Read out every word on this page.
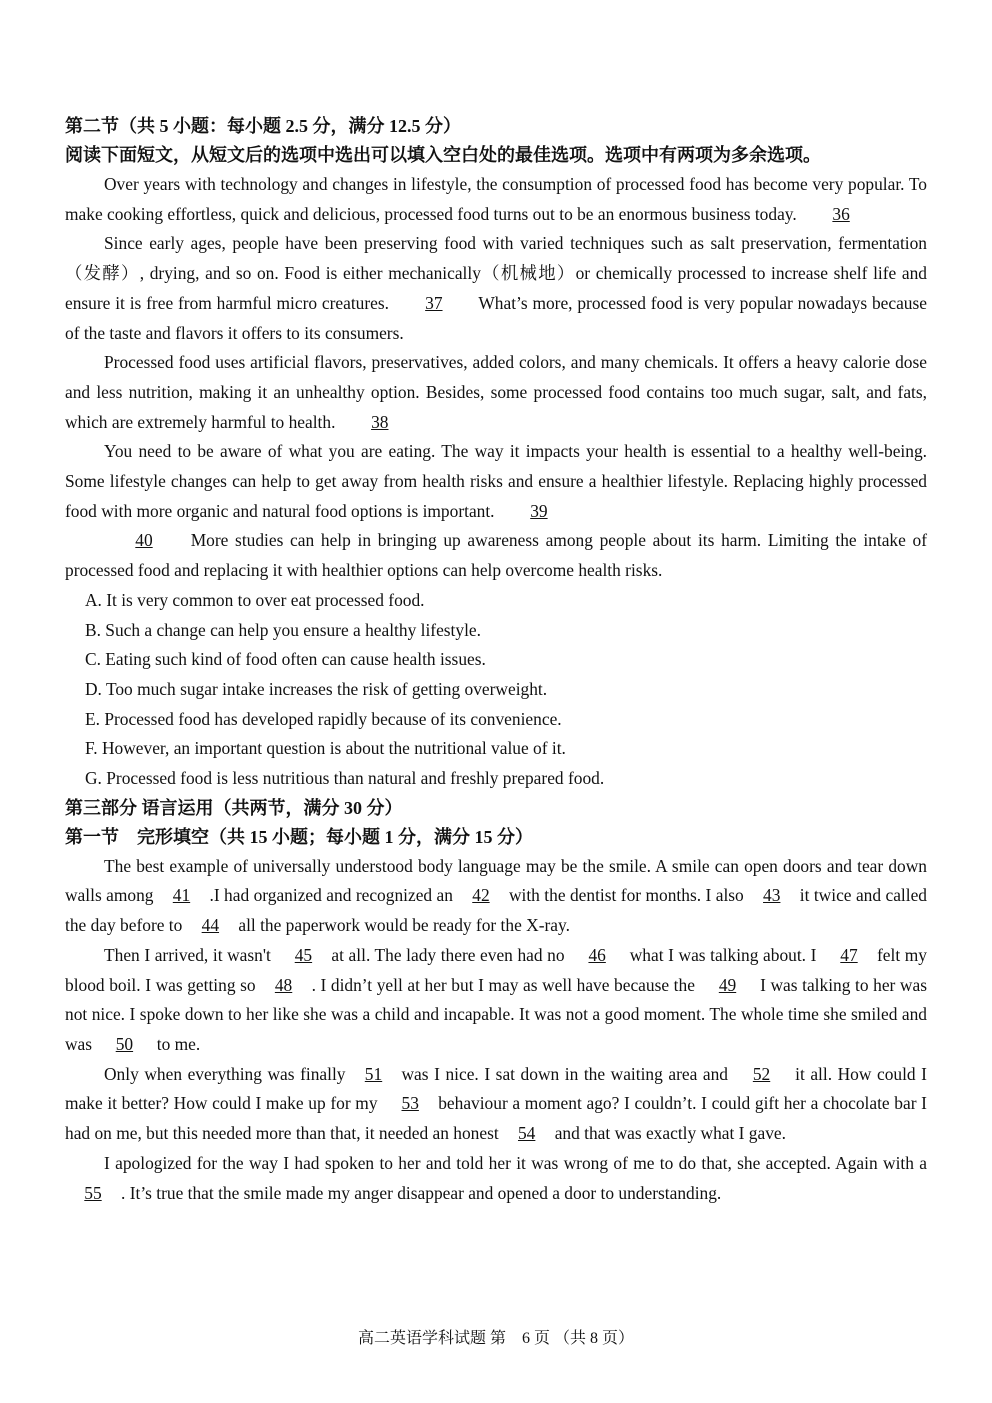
第二节（共 5 小题：每小题 2.5 分，满分 12.5 分）
阅读下面短文，从短文后的选项中选出可以填入空白处的最佳选项。选项中有两项为多余选项。

Over years with technology and changes in lifestyle, the consumption of processed food has become very popular. To make cooking effortless, quick and delicious, processed food turns out to be an enormous business today. 36

Since early ages, people have been preserving food with varied techniques such as salt preservation, fermentation（发酵）, drying, and so on. Food is either mechanically（机械地）or chemically processed to increase shelf life and ensure it is free from harmful micro creatures. 37 What’s more, processed food is very popular nowadays because of the taste and flavors it offers to its consumers.

Processed food uses artificial flavors, preservatives, added colors, and many chemicals. It offers a heavy calorie dose and less nutrition, making it an unhealthy option. Besides, some processed food contains too much sugar, salt, and fats, which are extremely harmful to health. 38

You need to be aware of what you are eating. The way it impacts your health is essential to a healthy well-being. Some lifestyle changes can help to get away from health risks and ensure a healthier lifestyle. Replacing highly processed food with more organic and natural food options is important. 39

40 More studies can help in bringing up awareness among people about its harm. Limiting the intake of processed food and replacing it with healthier options can help overcome health risks.

A. It is very common to over eat processed food.
B. Such a change can help you ensure a healthy lifestyle.
C. Eating such kind of food often can cause health issues.
D. Too much sugar intake increases the risk of getting overweight.
E. Processed food has developed rapidly because of its convenience.
F. However, an important question is about the nutritional value of it.
G. Processed food is less nutritious than natural and freshly prepared food.
第三部分 语言运用（共两节，满分 30 分）
第一节　完形填空（共 15 小题；每小题 1 分，满分 15 分）

The best example of universally understood body language may be the smile. A smile can open doors and tear down walls among 41 .I had organized and recognized an 42 with the dentist for months. I also 43 it twice and called the day before to 44 all the paperwork would be ready for the X-ray.

Then I arrived, it wasn't 45 at all. The lady there even had no 46 what I was talking about. I 47 felt my blood boil. I was getting so 48 . I didn’t yell at her but I may as well have because the 49 I was talking to her was not nice. I spoke down to her like she was a child and incapable. It was not a good moment. The whole time she smiled and was 50 to me.

Only when everything was finally 51 was I nice. I sat down in the waiting area and 52 it all. How could I make it better? How could I make up for my 53 behaviour a moment ago? I couldn’t. I could gift her a chocolate bar I had on me, but this needed more than that, it needed an honest 54 and that was exactly what I gave.

I apologized for the way I had spoken to her and told her it was wrong of me to do that, she accepted. Again with a55 . It’s true that the smile made my anger disappear and opened a door to understanding.

高二英语学科试题 第　6 页 （共 8 页）
